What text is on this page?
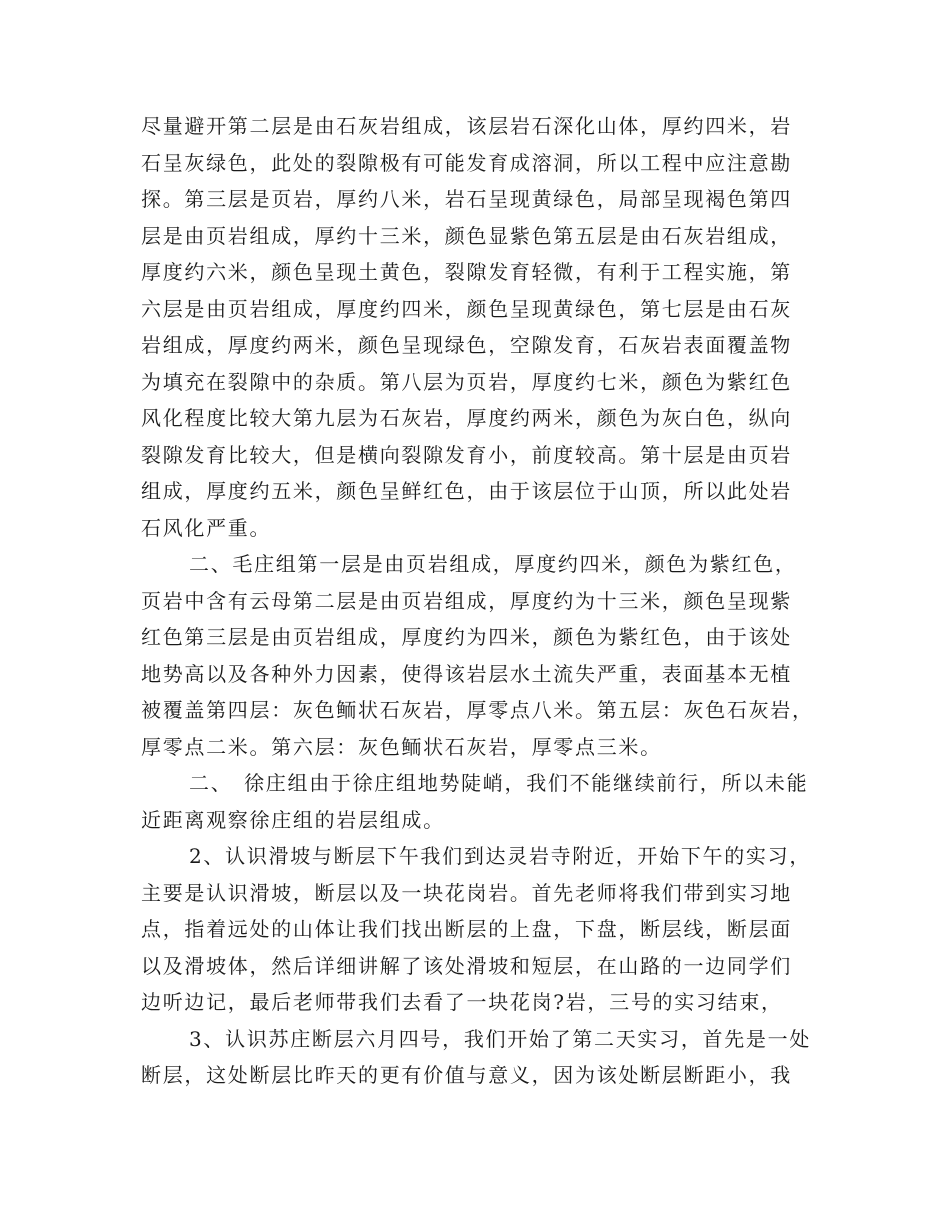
尽量避开第二层是由石灰岩组成，该层岩石深化山体，厚约四米，岩
石呈灰绿色，此处的裂隙极有可能发育成溶洞，所以工程中应注意勘
探。第三层是页岩，厚约八米，岩石呈现黄绿色，局部呈现褐色第四
层是由页岩组成，厚约十三米，颜色显紫色第五层是由石灰岩组成，
厚度约六米，颜色呈现土黄色，裂隙发育轻微，有利于工程实施，第
六层是由页岩组成，厚度约四米，颜色呈现黄绿色，第七层是由石灰
岩组成，厚度约两米，颜色呈现绿色，空隙发育，石灰岩表面覆盖物
为填充在裂隙中的杂质。第八层为页岩，厚度约七米，颜色为紫红色
风化程度比较大第九层为石灰岩，厚度约两米，颜色为灰白色，纵向
裂隙发育比较大，但是横向裂隙发育小，前度较高。第十层是由页岩
组成，厚度约五米，颜色呈鲜红色，由于该层位于山顶，所以此处岩
石风化严重。
二、毛庄组第一层是由页岩组成，厚度约四米，颜色为紫红色，
页岩中含有云母第二层是由页岩组成，厚度约为十三米，颜色呈现紫
红色第三层是由页岩组成，厚度约为四米，颜色为紫红色，由于该处
地势高以及各种外力因素，使得该岩层水土流失严重，表面基本无植
被覆盖第四层：灰色鲕状石灰岩，厚零点八米。第五层：灰色石灰岩，
厚零点二米。第六层：灰色鲕状石灰岩，厚零点三米。
二、　徐庄组由于徐庄组地势陡峭，我们不能继续前行，所以未能
近距离观察徐庄组的岩层组成。
2、认识滑坡与断层下午我们到达灵岩寺附近，开始下午的实习，
主要是认识滑坡，断层以及一块花岗岩。首先老师将我们带到实习地
点，指着远处的山体让我们找出断层的上盘，下盘，断层线，断层面
以及滑坡体，然后详细讲解了该处滑坡和短层，在山路的一边同学们
边听边记，最后老师带我们去看了一块花岗?岩，三号的实习结束，
3、认识苏庄断层六月四号，我们开始了第二天实习，首先是一处
断层，这处断层比昨天的更有价值与意义，因为该处断层断距小，我
